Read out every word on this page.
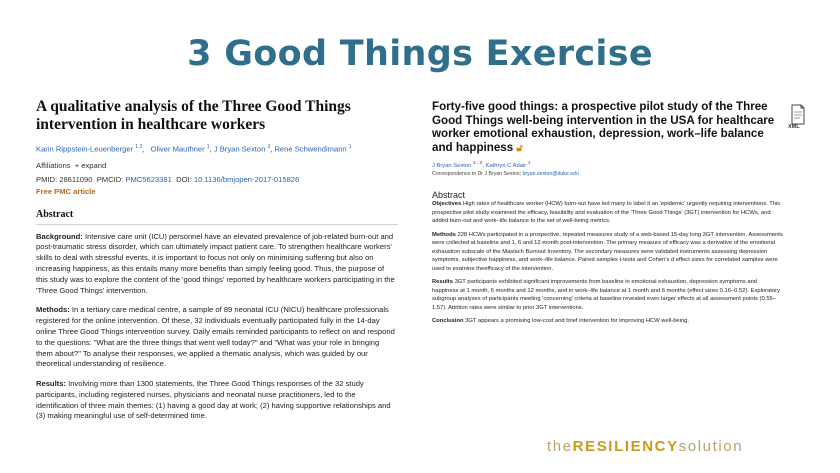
3 Good Things Exercise
A qualitative analysis of the Three Good Things intervention in healthcare workers
Karin Rippstein-Leuenberger $^{1 2}$,   Oliver Mauthner $^1$, J Bryan Sexton $^3$, Rene Schwendimann $^1$
Affiliations + expand
PMID: 28611090 PMCID: PMC5623381 DOI: 10.1136/bmjopen-2017-015826
Free PMC article
Abstract

Background: Intensive care unit (ICU) personnel have an elevated prevalence of job-related burn-out and post-traumatic stress disorder, which can ultimately impact patient care. To strengthen healthcare workers' skills to deal with stressful events, it is important to focus not only on minimising suffering but also on increasing happiness, as this entails many more benefits than simply feeling good. Thus, the purpose of this study was to explore the content of the 'good things' reported by healthcare workers participating in the 'Three Good Things' intervention.

Methods: In a tertiary care medical centre, a sample of 89 neonatal ICU (NICU) healthcare professionals registered for the online intervention. Of these, 32 individuals eventually participated fully in the 14-day online Three Good Things intervention survey. Daily emails reminded participants to reflect on and respond to the questions: "What are the three things that went well today?" and "What was your role in bringing them about?" To analyse their responses, we applied a thematic analysis, which was guided by our theoretical understanding of resilience.

Results: Involving more than 1300 statements, the Three Good Things responses of the 32 study participants, including registered nurses, physicians and neonatal nurse practitioners, led to the identification of three main themes: (1) having a good day at work; (2) having supportive relationships and (3) making meaningful use of self-determined time.

Forty-five good things: a prospective pilot study of the Three Good Things well-being intervention in the USA for healthcare worker emotional exhaustion, depression, work–life balance and happiness 🔓︎
J Bryan Sexton $^{1 , 2}$, Kathryn C Adair $^1$
Correspondence to Dr J Bryan Sexton; bryan.sexton@duke.edu
Abstract

Objectives High rates of healthcare worker (HCW) burn-out have led many to label it an 'epidemic' urgently requiring interventions. This prospective pilot study examined the efficacy, feasibility and evaluation of the 'Three Good Things' (3GT) intervention for HCWs, and added burn-out and work–life balance to the set of well-being metrics.

Methods 228 HCWs participated in a prospective, repeated measures study of a web-based 15-day long 3GT intervention. Assessments were collected at baseline and 1, 6 and 12-month post-intervention. The primary measure of efficacy was a derivative of the emotional exhaustion subscale of the Maslach Burnout Inventory. The secondary measures were validated instruments assessing depression symptoms, subjective happiness, and work–life balance. Paired samples t-tests and Cohen's d effect sizes for correlated samples were used to examine theefficacy of the intervention.

Results 3GT participants exhibited significant improvements from baseline in emotional exhaustion, depression symptoms and happiness at 1 month, 6 months and 12 months, and in work–life balance at 1 month and 6 months (effect sizes 0.16–0.52). Exploratory subgroup analyses of participants meeting 'concerning' criteria at baseline revealed even larger effects at all assessment points (0.55–1.57). Attrition rates were similar to prior 3GT interventions.

Conclusion 3GT appears a promising low-cost and brief intervention for improving HCW well-being.

XML
theRESILIENCYsolution
